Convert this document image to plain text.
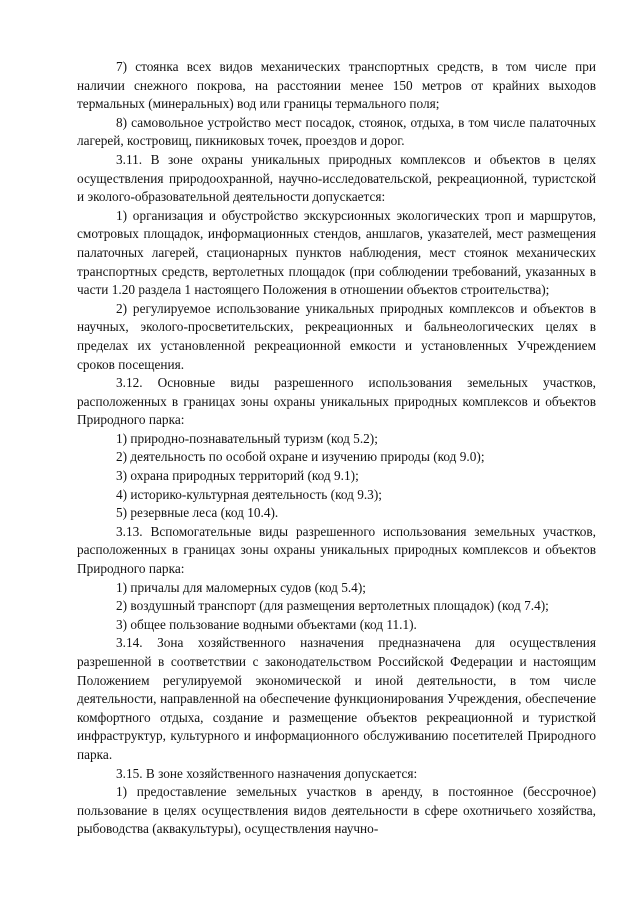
7) стоянка всех видов механических транспортных средств, в том числе при наличии снежного покрова, на расстоянии менее 150 метров от крайних выходов термальных (минеральных) вод или границы термального поля;

8) самовольное устройство мест посадок, стоянок, отдыха, в том числе палаточных лагерей, костровищ, пикниковых точек, проездов и дорог.

3.11. В зоне охраны уникальных природных комплексов и объектов в целях осуществления природоохранной, научно-исследовательской, рекреационной, туристской и эколого-образовательной деятельности допускается:

1) организация и обустройство экскурсионных экологических троп и маршрутов, смотровых площадок, информационных стендов, аншлагов, указателей, мест размещения палаточных лагерей, стационарных пунктов наблюдения, мест стоянок механических транспортных средств, вертолетных площадок (при соблюдении требований, указанных в части 1.20 раздела 1 настоящего Положения в отношении объектов строительства);

2) регулируемое использование уникальных природных комплексов и объектов в научных, эколого-просветительских, рекреационных и бальнеологических целях в пределах их установленной рекреационной емкости и установленных Учреждением сроков посещения.

3.12. Основные виды разрешенного использования земельных участков, расположенных в границах зоны охраны уникальных природных комплексов и объектов Природного парка:

1) природно-познавательный туризм (код 5.2);

2) деятельность по особой охране и изучению природы (код 9.0);

3) охрана природных территорий (код 9.1);

4) историко-культурная деятельность (код 9.3);

5) резервные леса (код 10.4).

3.13. Вспомогательные виды разрешенного использования земельных участков, расположенных в границах зоны охраны уникальных природных комплексов и объектов Природного парка:

1) причалы для маломерных судов (код 5.4);

2) воздушный транспорт (для размещения вертолетных площадок) (код 7.4);

3) общее пользование водными объектами (код 11.1).

3.14. Зона хозяйственного назначения предназначена для осуществления разрешенной в соответствии с законодательством Российской Федерации и настоящим Положением регулируемой экономической и иной деятельности, в том числе деятельности, направленной на обеспечение функционирования Учреждения, обеспечение комфортного отдыха, создание и размещение объектов рекреационной и туристкой инфраструктур, культурного и информационного обслуживанию посетителей Природного парка.

3.15. В зоне хозяйственного назначения допускается:

1) предоставление земельных участков в аренду, в постоянное (бессрочное) пользование в целях осуществления видов деятельности в сфере охотничьего хозяйства, рыбоводства (аквакультуры), осуществления научно-
